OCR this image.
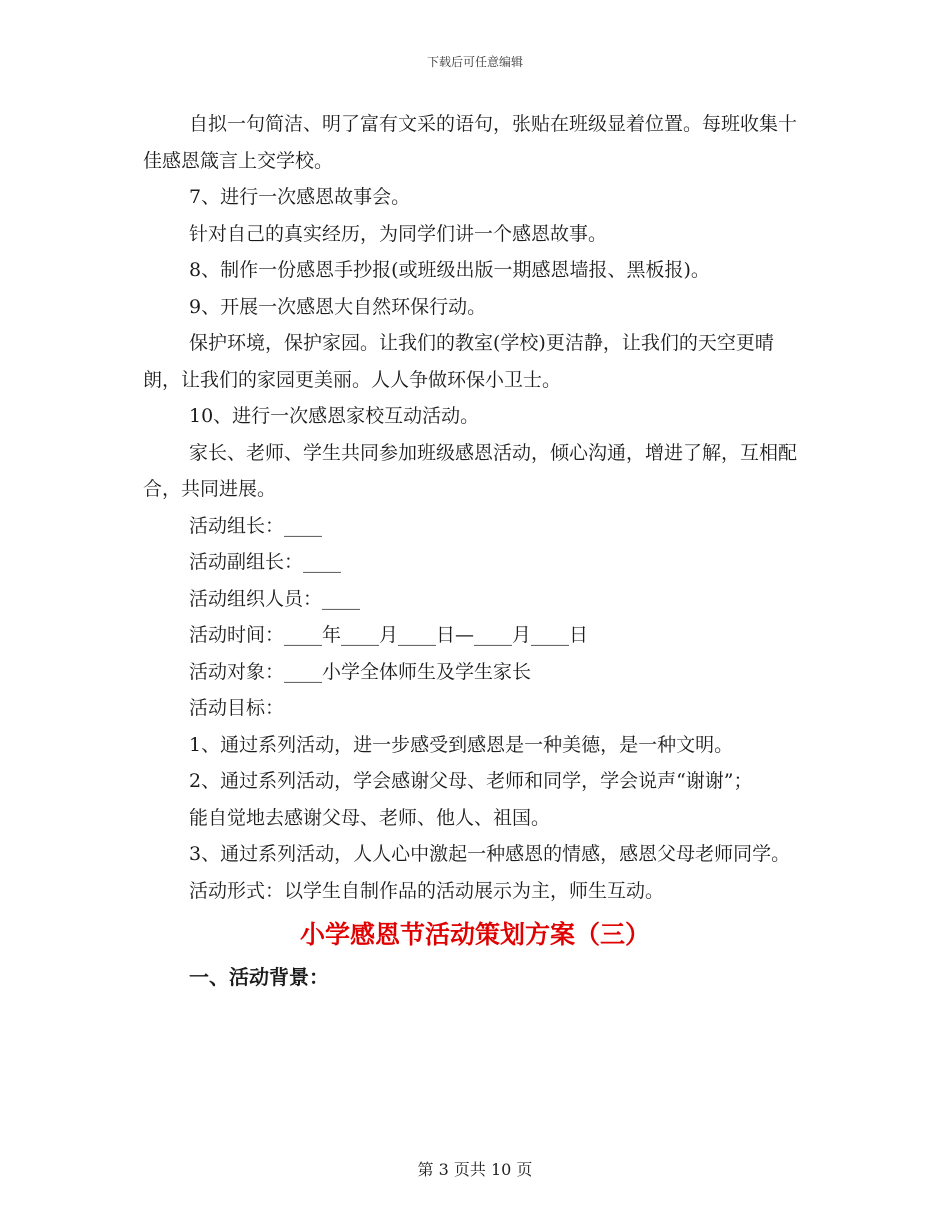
下载后可任意编辑

自拟一句简洁、明了富有文采的语句，张贴在班级显着位置。每班收集十佳感恩箴言上交学校。

7、进行一次感恩故事会。

针对自己的真实经历，为同学们讲一个感恩故事。

8、制作一份感恩手抄报(或班级出版一期感恩墙报、黑板报)。

9、开展一次感恩大自然环保行动。

保护环境，保护家园。让我们的教室(学校)更洁静，让我们的天空更晴朗，让我们的家园更美丽。人人争做环保小卫士。

10、进行一次感恩家校互动活动。

家长、老师、学生共同参加班级感恩活动，倾心沟通，增进了解，互相配合，共同进展。

活动组长：____

活动副组长：____

活动组织人员：____

活动时间：____年____月____日—____月____日

活动对象：____小学全体师生及学生家长

活动目标：

1、通过系列活动，进一步感受到感恩是一种美德，是一种文明。

2、通过系列活动，学会感谢父母、老师和同学，学会说声“谢谢”；

能自觉地去感谢父母、老师、他人、祖国。

3、通过系列活动，人人心中激起一种感恩的情感，感恩父母老师同学。

活动形式：以学生自制作品的活动展示为主，师生互动。

小学感恩节活动策划方案（三）
一、活动背景：
第 3 页共 10 页
